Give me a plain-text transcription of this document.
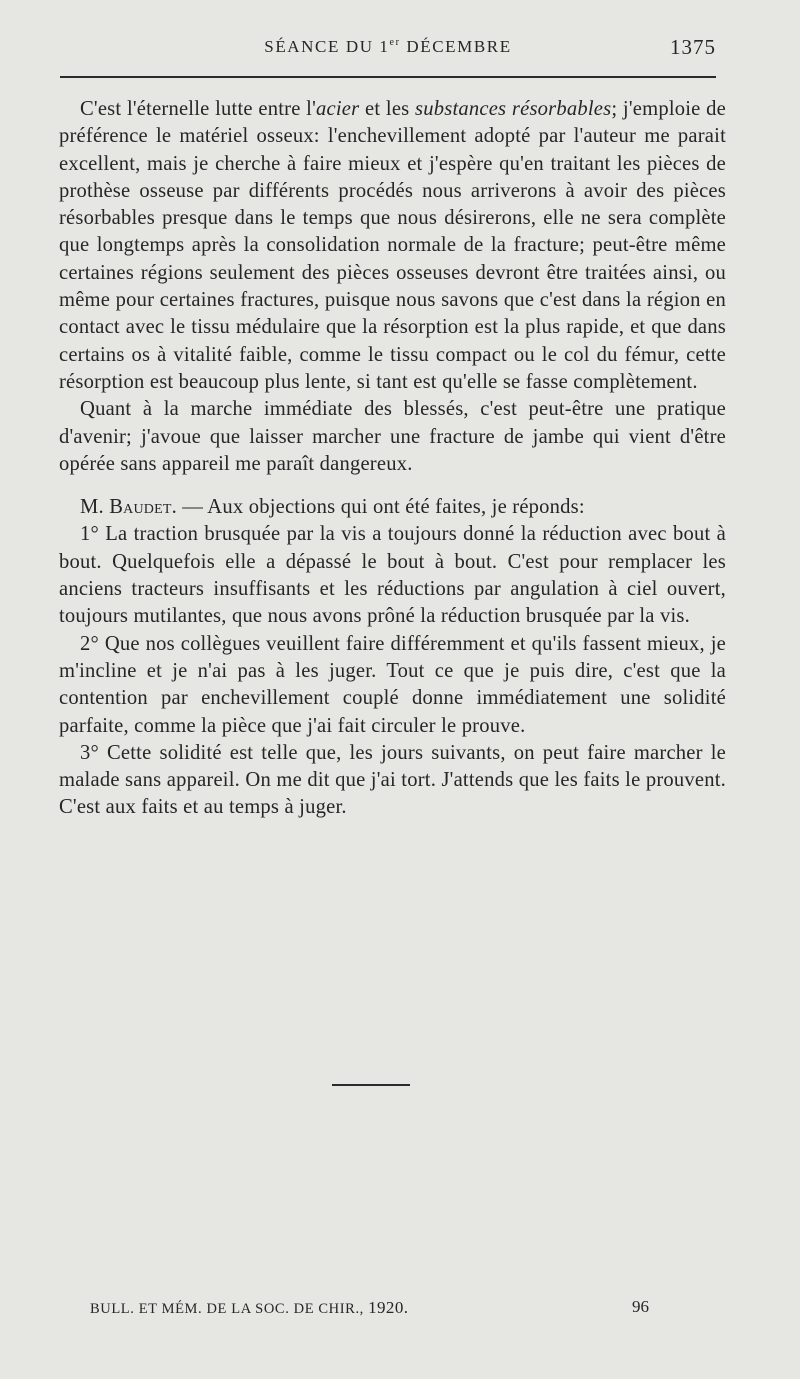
SÉANCE DU 1er DÉCEMBRE	1375

C'est l'éternelle lutte entre l'acier et les substances résorbables; j'emploie de préférence le matériel osseux: l'enchevillement adopté par l'auteur me parait excellent, mais je cherche à faire mieux et j'espère qu'en traitant les pièces de prothèse osseuse par différents procédés nous arriverons à avoir des pièces résorbables presque dans le temps que nous désirerons, elle ne sera complète que longtemps après la consolidation normale de la fracture; peut-être même certaines régions seulement des pièces osseuses devront être traitées ainsi, ou même pour certaines fractures, puisque nous savons que c'est dans la région en contact avec le tissu médulaire que la résorption est la plus rapide, et que dans certains os à vitalité faible, comme le tissu compact ou le col du fémur, cette résorption est beaucoup plus lente, si tant est qu'elle se fasse complètement.

Quant à la marche immédiate des blessés, c'est peut-être une pratique d'avenir; j'avoue que laisser marcher une fracture de jambe qui vient d'être opérée sans appareil me paraît dangereux.

M. Baudet. — Aux objections qui ont été faites, je réponds:

1° La traction brusquée par la vis a toujours donné la réduction avec bout à bout. Quelquefois elle a dépassé le bout à bout. C'est pour remplacer les anciens tracteurs insuffisants et les réductions par angulation à ciel ouvert, toujours mutilantes, que nous avons prôné la réduction brusquée par la vis.

2° Que nos collègues veuillent faire différemment et qu'ils fassent mieux, je m'incline et je n'ai pas à les juger. Tout ce que je puis dire, c'est que la contention par enchevillement couplé donne immédiatement une solidité parfaite, comme la pièce que j'ai fait circuler le prouve.

3° Cette solidité est telle que, les jours suivants, on peut faire marcher le malade sans appareil. On me dit que j'ai tort. J'attends que les faits le prouvent. C'est aux faits et au temps à juger.

BULL. ET MÉM. DE LA SOC. DE CHIR., 1920.	96
